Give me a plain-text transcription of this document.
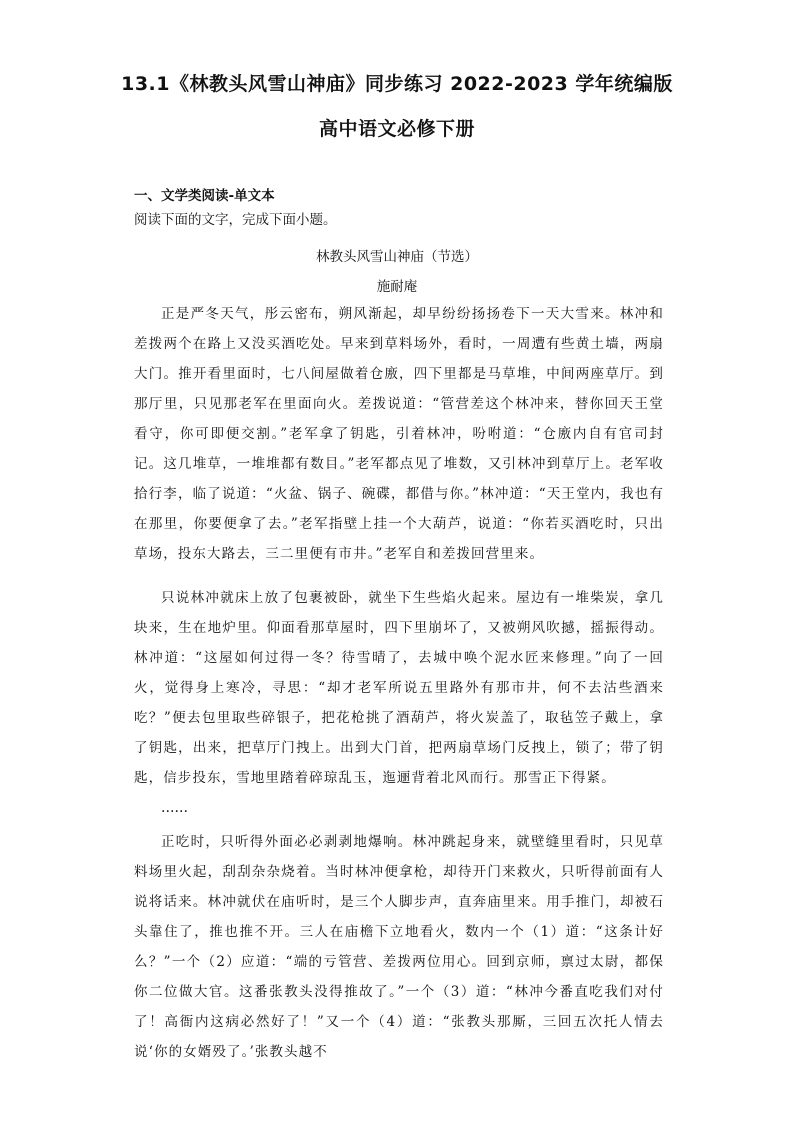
13.1《林教头风雪山神庙》同步练习 2022-2023 学年统编版
高中语文必修下册
一、文学类阅读-单文本
阅读下面的文字，完成下面小题。
林教头风雪山神庙（节选）
施耐庵

正是严冬天气，彤云密布，朔风渐起，却早纷纷扬扬卷下一天大雪来。林冲和差拨两个在路上又没买酒吃处。早来到草料场外，看时，一周遭有些黄土墙，两扇大门。推开看里面时，七八间屋做着仓廒，四下里都是马草堆，中间两座草厅。到那厅里，只见那老军在里面向火。差拨说道：“管营差这个林冲来，替你回天王堂看守，你可即便交割。”老军拿了钥匙，引着林冲，吩咐道：“仓廒内自有官司封记。这几堆草，一堆堆都有数目。”老军都点见了堆数，又引林冲到草厅上。老军收拾行李，临了说道：“火盆、锅子、碗碟，都借与你。”林冲道：“天王堂内，我也有在那里，你要便拿了去。”老军指壁上挂一个大葫芦，说道：“你若买酒吃时，只出草场，投东大路去，三二里便有市井。”老军自和差拨回营里来。

只说林冲就床上放了包裹被卧，就坐下生些焰火起来。屋边有一堆柴炭，拿几块来，生在地炉里。仰面看那草屋时，四下里崩坏了，又被朔风吹撼，摇振得动。林冲道：“这屋如何过得一冬？待雪晴了，去城中唤个泥水匠来修理。”向了一回火，觉得身上寒冷，寻思：“却才老军所说五里路外有那市井，何不去沽些酒来吃？”便去包里取些碎银子，把花枪挑了酒葫芦，将火炭盖了，取毡笠子戴上，拿了钥匙，出来，把草厅门拽上。出到大门首，把两扇草场门反拽上，锁了；带了钥匙，信步投东，雪地里踏着碎琼乱玉，迤逦背着北风而行。那雪正下得紧。

……

正吃时，只听得外面必必剥剥地爆响。林冲跳起身来，就壁缝里看时，只见草料场里火起，刮刮杂杂烧着。当时林冲便拿枪，却待开门来救火，只听得前面有人说将话来。林冲就伏在庙听时，是三个人脚步声，直奔庙里来。用手推门，却被石头靠住了，推也推不开。三人在庙檐下立地看火，数内一个（1）道：“这条计好么？”一个（2）应道：“端的亏管营、差拨两位用心。回到京师，禀过太尉，都保你二位做大官。这番张教头没得推故了。”一个（3）道：“林冲今番直吃我们对付了！高衙内这病必然好了！”又一个（4）道：“张教头那厮，三回五次托人情去说‘你的女婿殁了。’张教头越不
